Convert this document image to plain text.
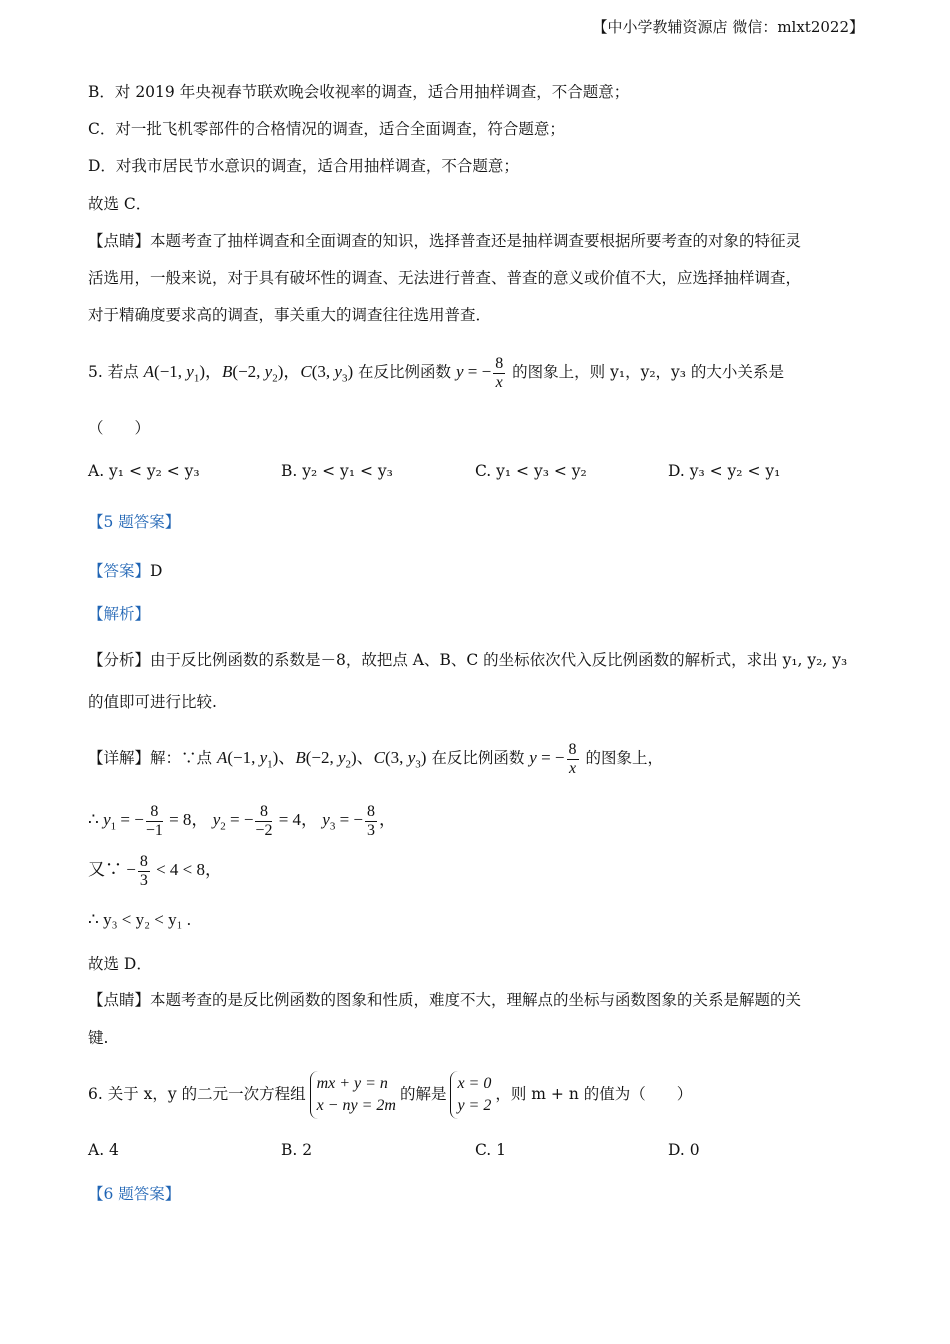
【中小学教辅资源店 微信：mlxt2022】
B．对 2019 年央视春节联欢晚会收视率的调查，适合用抽样调查，不合题意；
C．对一批飞机零部件的合格情况的调查，适合全面调查，符合题意；
D．对我市居民节水意识的调查，适合用抽样调查，不合题意；
故选 C．
【点睛】本题考查了抽样调查和全面调查的知识，选择普查还是抽样调查要根据所要考查的对象的特征灵
活选用，一般来说，对于具有破坏性的调查、无法进行普查、普查的意义或价值不大，应选择抽样调查，
对于精确度要求高的调查，事关重大的调查往往选用普查．
5. 若点 A(−1, $y_1$)，B(−2, $y_2$)，C(3, $y_3$) 在反比例函数 y = − $\frac{8}{x}$ 的图象上，则 y₁，y₂，y₃ 的大小关系是
（　　）
A. y₁ < y₂ < y₃	B. y₂ < y₁ < y₃	C. y₁ < y₃ < y₂	D. y₃ < y₂ < y₁
【5 题答案】
【答案】D
【解析】
【分析】由于反比例函数的系数是－8，故把点 A、B、C 的坐标依次代入反比例函数的解析式，求出 y₁, y₂, y₃
的值即可进行比较.
【详解】解：∵点 A(−1, $y_1$)、B(−2, $y_2$)、C(3, $y_3$) 在反比例函数 y = − $\frac{8}{x}$ 的图象上，
∴ $y_1$ = − $\frac{8}{-1} = 8$， $y_2$ = − $\frac{8}{-2} = 4$， $y_3$ = − $\frac{8}{3}$ ，
又∵ − $\frac{8}{3} < 4 < 8$，
∴ y₃ < y₂ < y₁ .
故选 D．
【点睛】本题考查的是反比例函数的图象和性质，难度不大，理解点的坐标与函数图象的关系是解题的关
键.
6. 关于 x，y 的二元一次方程组
mx + y = n
x − ny = 2m
的解是
x = 0
y = 2
，则 m + n 的值为（　　）
A. 4	B. 2	C. 1	D. 0
【6 题答案】
